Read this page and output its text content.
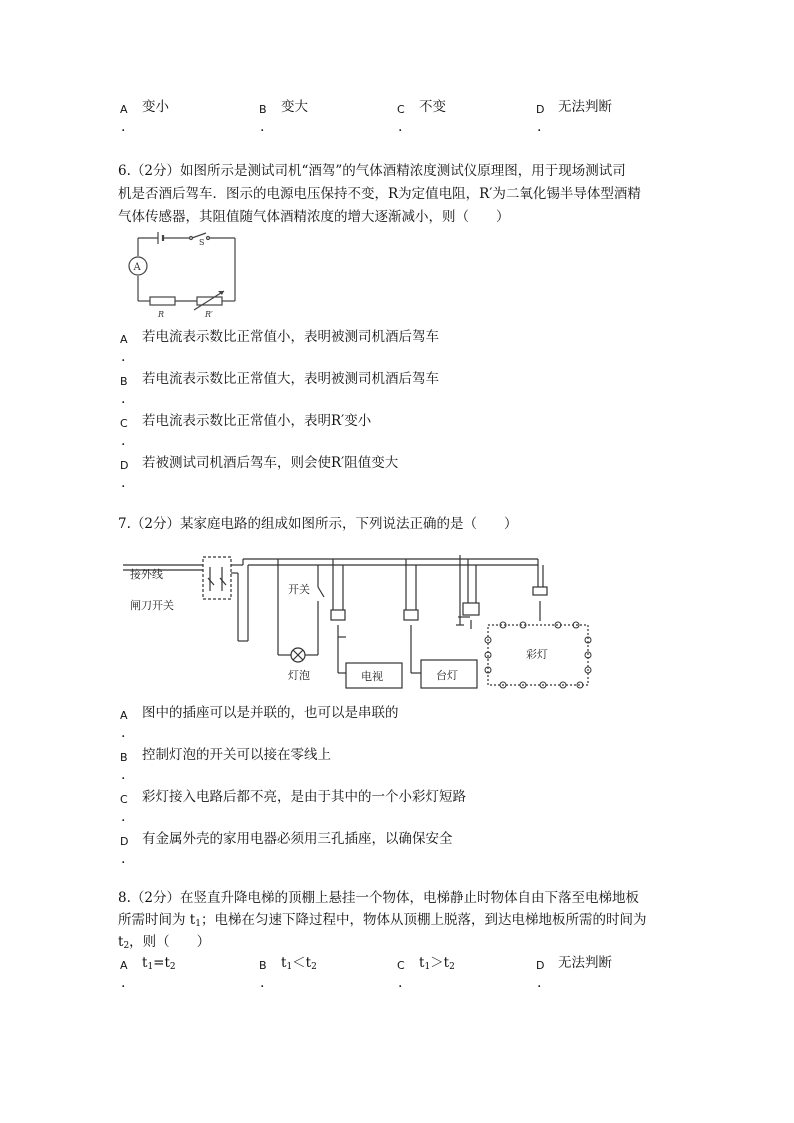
A 变小
.
B 变大
.
C 不变
.
D 无法判断
.
6.（2分）如图所示是测试司机“酒驾”的气体酒精浓度测试仪原理图，用于现场测试司
机是否酒后驾车．图示的电源电压保持不变，R为定值电阻，R′为二氧化锡半导体型酒精
气体传感器，其阻值随气体酒精浓度的增大逐渐减小，则（　　）
A
S
R	R′
A 若电流表示数比正常值小，表明被测司机酒后驾车
.
B 若电流表示数比正常值大，表明被测司机酒后驾车
.
C 若电流表示数比正常值小，表明R′变小
.
D 若被测试司机酒后驾车，则会使R′阻值变大
.
7.（2分）某家庭电路的组成如图所示，下列说法正确的是（　　）
接外线
闸刀开关
开关
灯泡	电视	台灯
彩灯
A 图中的插座可以是并联的，也可以是串联的
.
B 控制灯泡的开关可以接在零线上
.
C 彩灯接入电路后都不亮，是由于其中的一个小彩灯短路
.
D 有金属外壳的家用电器必须用三孔插座，以确保安全
.
8.（2分）在竖直升降电梯的顶棚上悬挂一个物体，电梯静止时物体自由下落至电梯地板
所需时间为 $t_1$；电梯在匀速下降过程中，物体从顶棚上脱落，到达电梯地板所需的时间为
$t_2$，则（　　）
A $t_1=t_2$
.
B $t_1<t_2$
.
C $t_1>t_2$
.
D 无法判断
.
